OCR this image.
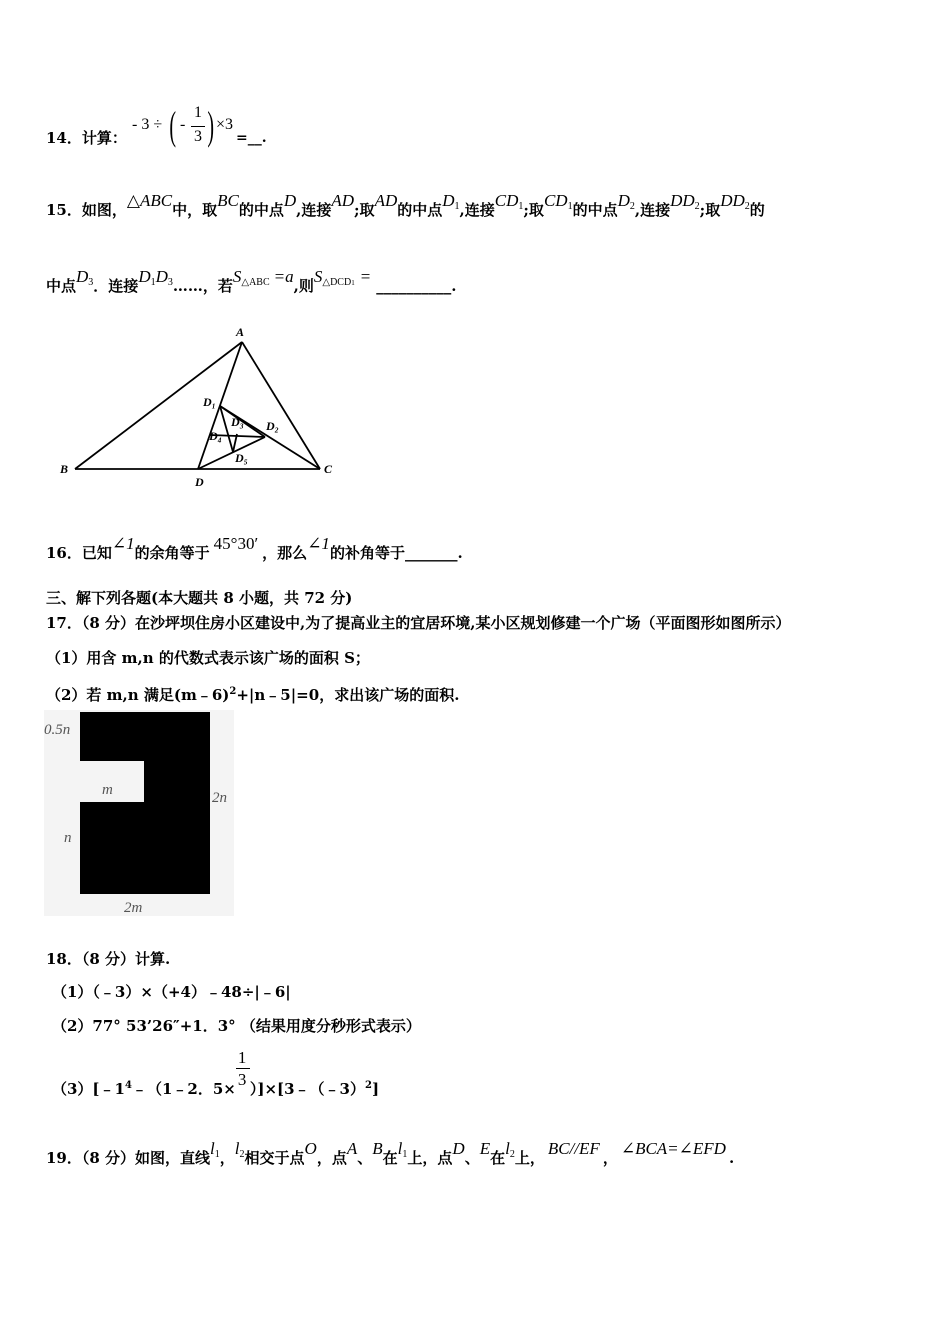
14．计算：
- 3 ÷ ( -
1
3 ) ×3
=__.
15．如图，△ABC中，取BC的中点D,连接AD;取AD的中点$D_1$,连接$CD_1$;取$CD_1$的中点$D_2$,连接$DD_2$;取$DD_2$的
中点$D_3$．连接$D_1D_3\dots\dots$，若$S_{\triangle ABC} =a$,则$S_{\triangle DCD1}$ = __________.
A
B	C
D
D₁
D₂
D₃
D₄
D₅
16．已知∠1的余角等于 45°30′ ，那么∠1的补角等于_______.
三、解下列各题(本大题共 8 小题，共 72 分)
17．（8 分）在沙坪坝住房小区建设中,为了提高业主的宜居环境,某小区规划修建一个广场（平面图形如图所示）
（1）用含 m,n 的代数式表示该广场的面积 S；
（2）若 m,n 满足(m﹣6)$^2$+|n﹣5|=0，求出该广场的面积.
0.5n
m
n
2n
2m
18．（8 分）计算.
（1）（﹣3）×（+4）﹣48÷|﹣6|
（2）77° 53’26″+1．3° （结果用度分秒形式表示）
$(3)[﹣1^4﹣(1﹣2$．$5\times \frac{1}{3}$ ）]×[3﹣（﹣3）$^2$]
19．（8 分）如图，直线$l_1$，$l_2$相交于点O，点A、B在$l_1$上，点D、E在$l_2$上， BC//EF ， ∠BCA=∠EFD .
